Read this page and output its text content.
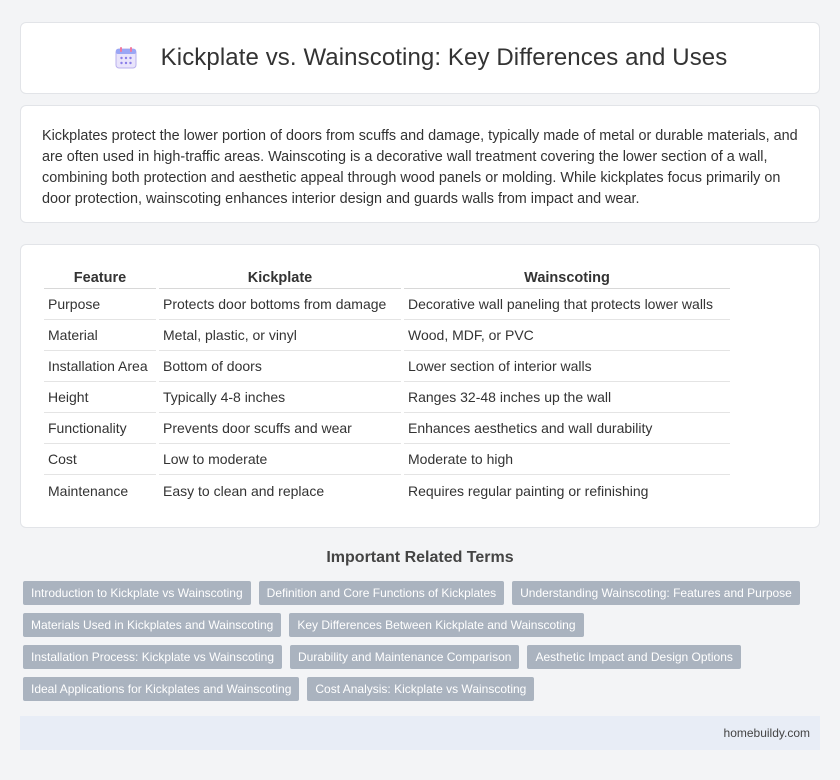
Kickplate vs. Wainscoting: Key Differences and Uses

Kickplates protect the lower portion of doors from scuffs and damage, typically made of metal or durable materials, and are often used in high-traffic areas. Wainscoting is a decorative wall treatment covering the lower section of a wall, combining both protection and aesthetic appeal through wood panels or molding. While kickplates focus primarily on door protection, wainscoting enhances interior design and guards walls from impact and wear.

Feature	Kickplate	Wainscoting
Purpose	Protects door bottoms from damage	Decorative wall paneling that protects lower walls
Material	Metal, plastic, or vinyl	Wood, MDF, or PVC
Installation Area	Bottom of doors	Lower section of interior walls
Height	Typically 4-8 inches	Ranges 32-48 inches up the wall
Functionality	Prevents door scuffs and wear	Enhances aesthetics and wall durability
Cost	Low to moderate	Moderate to high
Maintenance	Easy to clean and replace	Requires regular painting or refinishing
Important Related Terms
Introduction to Kickplate vs Wainscoting	Definition and Core Functions of Kickplates	Understanding Wainscoting: Features and Purpose
Materials Used in Kickplates and Wainscoting	Key Differences Between Kickplate and Wainscoting
Installation Process: Kickplate vs Wainscoting	Durability and Maintenance Comparison	Aesthetic Impact and Design Options
Ideal Applications for Kickplates and Wainscoting	Cost Analysis: Kickplate vs Wainscoting
homebuildy.com
